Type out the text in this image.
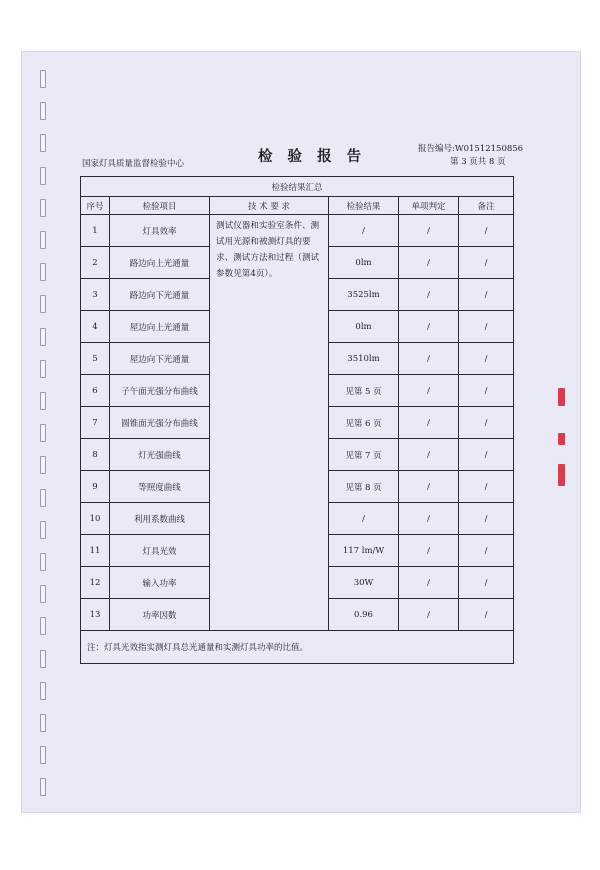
国家灯具质量监督检验中心	检 验 报 告	报告编号:W01512150856
第 3 页共 8 页
检验结果汇总					
序号	检验项目	技 术 要 求	检验结果	单项判定	备注
1	灯具效率	测试仪器和实验室条件、测试用光源和被测灯具的要求、测试方法和过程（测试参数见第4页）。	/	/	/
2	路边向上光通量		0lm	/	/
3	路边向下光通量		3525lm	/	/
4	屋边向上光通量		0lm	/	/
5	屋边向下光通量		3510lm	/	/
6	子午面光强分布曲线		见第 5 页	/	/
7	圆锥面光强分布曲线		见第 6 页	/	/
8	灯光强曲线		见第 7 页	/	/
9	等照度曲线		见第 8 页	/	/
10	利用系数曲线		/	/	/
11	灯具光效		117 lm/W	/	/
12	输入功率		30W	/	/
13	功率因数		0.96	/	/
注：灯具光效指实测灯具总光通量和实测灯具功率的比值。					
